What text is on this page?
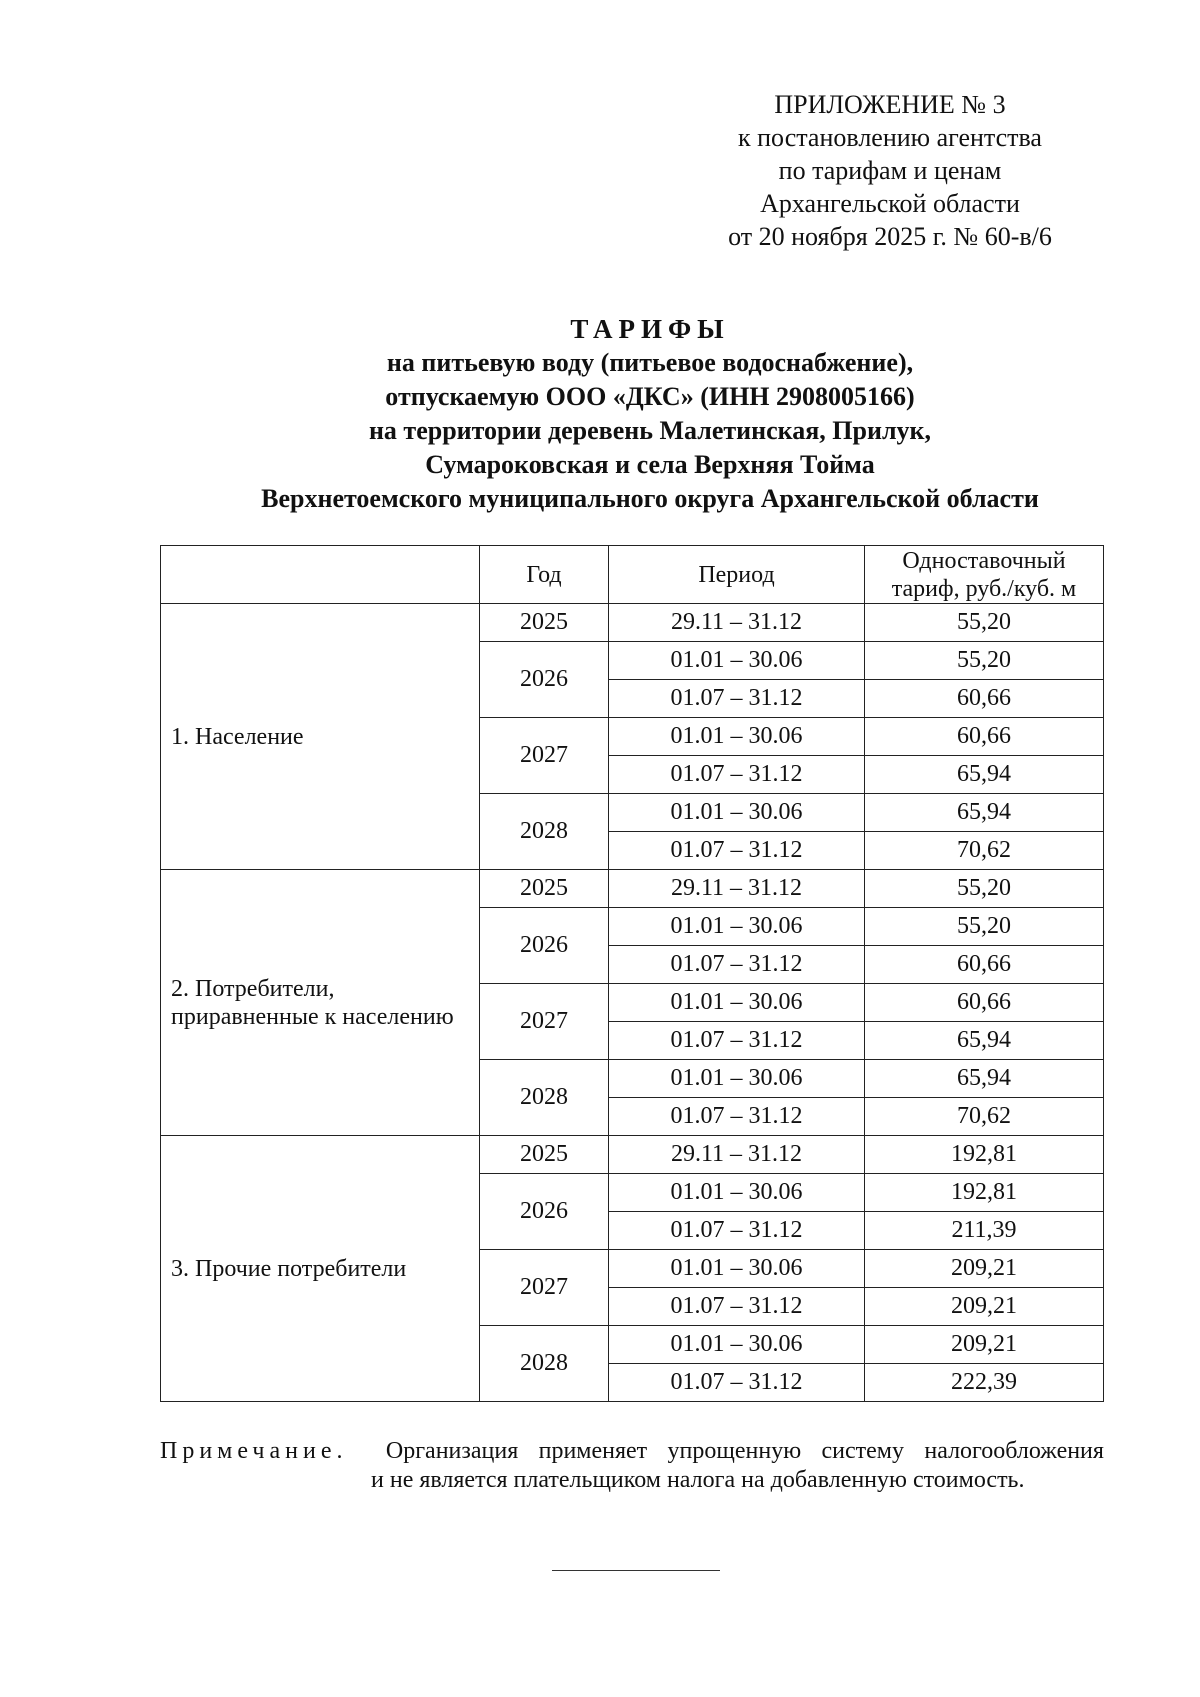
ПРИЛОЖЕНИЕ № 3
к постановлению агентства
по тарифам и ценам
Архангельской области
от 20 ноября 2025 г. № 60-в/6
ТАРИФЫ
на питьевую воду (питьевое водоснабжение),
отпускаемую ООО «ДКС» (ИНН 2908005166)
на территории деревень Малетинская, Прилук,
Сумароковская и села Верхняя Тойма
Верхнетоемского муниципального округа Архангельской области
	Год	Период	Одноставочный
тариф, руб./куб. м

1. Население	2025	29.11 – 31.12	55,20
	2026	01.01 – 30.06	55,20
		01.07 – 31.12	60,66
	2027	01.01 – 30.06	60,66
		01.07 – 31.12	65,94
	2028	01.01 – 30.06	65,94
		01.07 – 31.12	70,62

2. Потребители,
приравненные к населению	2025	29.11 – 31.12	55,20
	2026	01.01 – 30.06	55,20
		01.07 – 31.12	60,66
	2027	01.01 – 30.06	60,66
		01.07 – 31.12	65,94
	2028	01.01 – 30.06	65,94
		01.07 – 31.12	70,62

3. Прочие потребители	2025	29.11 – 31.12	192,81
	2026	01.01 – 30.06	192,81
		01.07 – 31.12	211,39
	2027	01.01 – 30.06	209,21
		01.07 – 31.12	209,21
	2028	01.01 – 30.06	209,21
		01.07 – 31.12	222,39
Примечание. Организация применяет упрощенную систему налогообложения
и не является плательщиком налога на добавленную стоимость.
